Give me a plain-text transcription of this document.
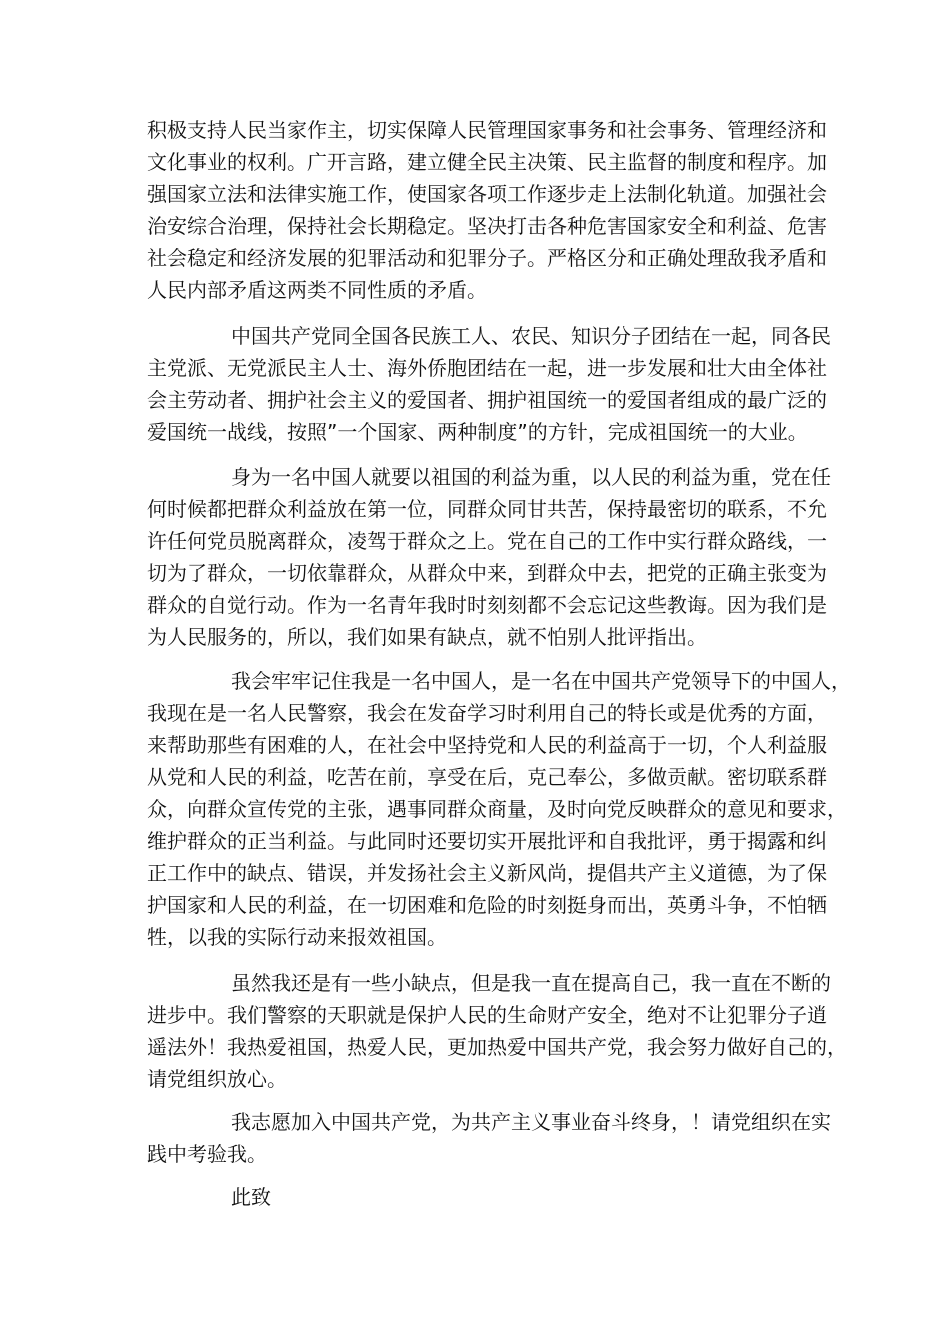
积极支持人民当家作主，切实保障人民管理国家事务和社会事务、管理经济和
文化事业的权利。广开言路，建立健全民主决策、民主监督的制度和程序。加
强国家立法和法律实施工作，使国家各项工作逐步走上法制化轨道。加强社会
治安综合治理，保持社会长期稳定。坚决打击各种危害国家安全和利益、危害
社会稳定和经济发展的犯罪活动和犯罪分子。严格区分和正确处理敌我矛盾和
人民内部矛盾这两类不同性质的矛盾。
中国共产党同全国各民族工人、农民、知识分子团结在一起，同各民
主党派、无党派民主人士、海外侨胞团结在一起，进一步发展和壮大由全体社
会主劳动者、拥护社会主义的爱国者、拥护祖国统一的爱国者组成的最广泛的
爱国统一战线，按照”一个国家、两种制度”的方针，完成祖国统一的大业。
身为一名中国人就要以祖国的利益为重，以人民的利益为重，党在任
何时候都把群众利益放在第一位，同群众同甘共苦，保持最密切的联系，不允
许任何党员脱离群众，凌驾于群众之上。党在自己的工作中实行群众路线，一
切为了群众，一切依靠群众，从群众中来，到群众中去，把党的正确主张变为
群众的自觉行动。作为一名青年我时时刻刻都不会忘记这些教诲。因为我们是
为人民服务的，所以，我们如果有缺点，就不怕别人批评指出。
我会牢牢记住我是一名中国人，是一名在中国共产党领导下的中国人，
我现在是一名人民警察，我会在发奋学习时利用自己的特长或是优秀的方面，
来帮助那些有困难的人，在社会中坚持党和人民的利益高于一切，个人利益服
从党和人民的利益，吃苦在前，享受在后，克己奉公，多做贡献。密切联系群
众，向群众宣传党的主张，遇事同群众商量，及时向党反映群众的意见和要求，
维护群众的正当利益。与此同时还要切实开展批评和自我批评，勇于揭露和纠
正工作中的缺点、错误，并发扬社会主义新风尚，提倡共产主义道德，为了保
护国家和人民的利益，在一切困难和危险的时刻挺身而出，英勇斗争，不怕牺
牲，以我的实际行动来报效祖国。
虽然我还是有一些小缺点，但是我一直在提高自己，我一直在不断的
进步中。我们警察的天职就是保护人民的生命财产安全，绝对不让犯罪分子逍
遥法外！我热爱祖国，热爱人民，更加热爱中国共产党，我会努力做好自己的，
请党组织放心。
我志愿加入中国共产党，为共产主义事业奋斗终身，！请党组织在实
践中考验我。
此致
